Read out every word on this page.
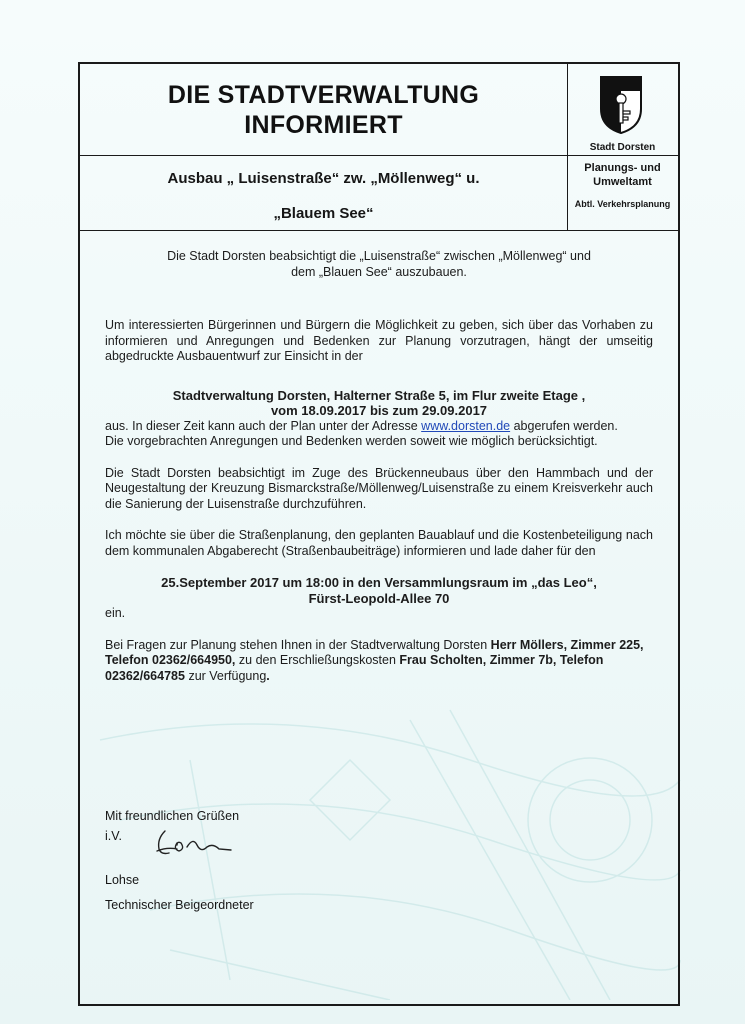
DIE STADTVERWALTUNG
INFORMIERT
Stadt Dorsten
Ausbau „ Luisenstraße“ zw. „Möllenweg“ u.
„Blauem See“
Planungs- und Umweltamt
Abtl. Verkehrsplanung

Die Stadt Dorsten beabsichtigt die „Luisenstraße“ zwischen „Möllenweg“ und dem „Blauen See“ auszubauen.

Um interessierten Bürgerinnen und Bürgern die Möglichkeit zu geben, sich über das Vorhaben zu informieren und Anregungen und Bedenken zur Planung vorzutragen, hängt der umseitig abgedruckte Ausbauentwurf zur Einsicht in der

Stadtverwaltung Dorsten, Halterner Straße 5, im Flur zweite Etage ,

vom 18.09.2017 bis zum 29.09.2017

aus. In dieser Zeit kann auch der Plan unter der Adresse www.dorsten.de abgerufen werden.

Die vorgebrachten Anregungen und Bedenken werden soweit wie möglich berücksichtigt.

Die Stadt Dorsten beabsichtigt im Zuge des Brückenneubaus über den Hammbach und der Neugestaltung der Kreuzung Bismarckstraße/Möllenweg/Luisenstraße zu einem Kreisverkehr auch die Sanierung der Luisenstraße durchzuführen.

Ich möchte sie über die Straßenplanung, den geplanten Bauablauf und die Kostenbeteiligung nach dem kommunalen Abgaberecht (Straßenbaubeiträge) informieren und lade daher für den

25.September 2017 um 18:00 in den Versammlungsraum im „das Leo“,

Fürst-Leopold-Allee 70

ein.

Bei Fragen zur Planung stehen Ihnen in der Stadtverwaltung Dorsten Herr Möllers, Zimmer 225, Telefon 02362/664950, zu den Erschließungskosten Frau Scholten, Zimmer 7b, Telefon 02362/664785 zur Verfügung.

Mit freundlichen Grüßen
i.V.
Lohse
Technischer Beigeordneter
